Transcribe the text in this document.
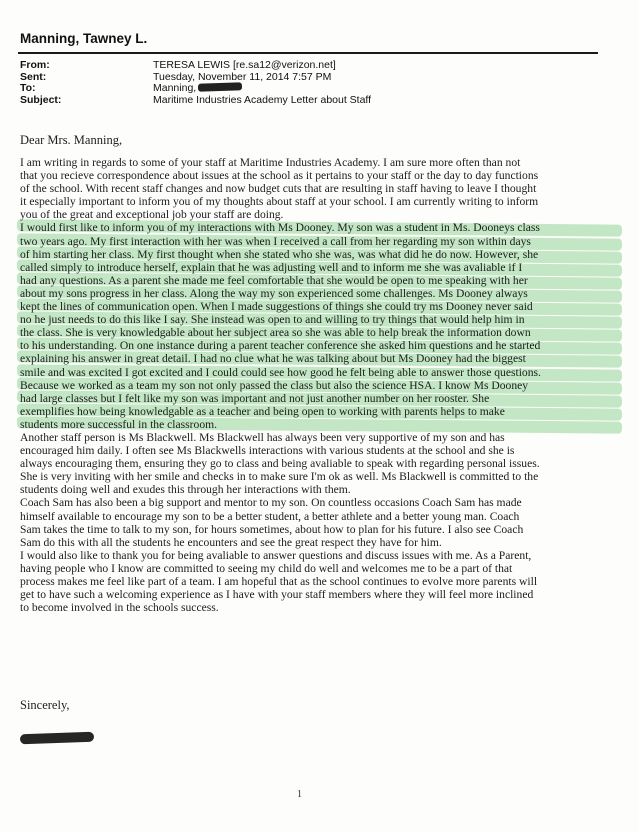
Manning, Tawney L.
From:	TERESA LEWIS [re.sa12@verizon.net]
Sent:	Tuesday, November 11, 2014 7:57 PM
To:	Manning,
Subject:	Maritime Industries Academy Letter about Staff
Dear Mrs. Manning,
I am writing in regards to some of your staff at Maritime Industries Academy. I am sure more often than not
that you recieve correspondence about issues at the school as it pertains to your staff or the day to day functions
of the school. With recent staff changes and now budget cuts that are resulting in staff having to leave I thought
it especially important to inform you of my thoughts about staff at your school. I am currently writing to inform
you of the great and exceptional job your staff are doing.
I would first like to inform you of my interactions with Ms Dooney. My son was a student in Ms. Dooneys class
two years ago. My first interaction with her was when I received a call from her regarding my son within days
of him starting her class. My first thought when she stated who she was, was what did he do now. However, she
called simply to introduce herself, explain that he was adjusting well and to inform me she was avaliable if I
had any questions. As a parent she made me feel comfortable that she would be open to me speaking with her
about my sons progress in her class. Along the way my son experienced some challenges. Ms Dooney always
kept the lines of communication open. When I made suggestions of things she could try ms Dooney never said
no he just needs to do this like I say. She instead was open to and willing to try things that would help him in
the class. She is very knowledgable about her subject area so she was able to help break the information down
to his understanding. On one instance during a parent teacher conference she asked him questions and he started
explaining his answer in great detail. I had no clue what he was talking about but Ms Dooney had the biggest
smile and was excited I got excited and I could could see how good he felt being able to answer those questions.
Because we worked as a team my son not only passed the class but also the science HSA. I know Ms Dooney
had large classes but I felt like my son was important and not just another number on her rooster. She
exemplifies how being knowledgable as a teacher and being open to working with parents helps to make
students more successful in the classroom.
Another staff person is Ms Blackwell. Ms Blackwell has always been very supportive of my son and has
encouraged him daily. I often see Ms Blackwells interactions with various students at the school and she is
always encouraging them, ensuring they go to class and being avaliable to speak with regarding personal issues.
She is very inviting with her smile and checks in to make sure I'm ok as well. Ms Blackwell is committed to the
students doing well and exudes this through her interactions with them.
Coach Sam has also been a big support and mentor to my son. On countless occasions Coach Sam has made
himself available to encourage my son to be a better student, a better athlete and a better young man. Coach
Sam takes the time to talk to my son, for hours sometimes, about how to plan for his future. I also see Coach
Sam do this with all the students he encounters and see the great respect they have for him.
I would also like to thank you for being avaliable to answer questions and discuss issues with me. As a Parent,
having people who I know are committed to seeing my child do well and welcomes me to be a part of that
process makes me feel like part of a team. I am hopeful that as the school continues to evolve more parents will
get to have such a welcoming experience as I have with your staff members where they will feel more inclined
to become involved in the schools success.
Sincerely,
1
